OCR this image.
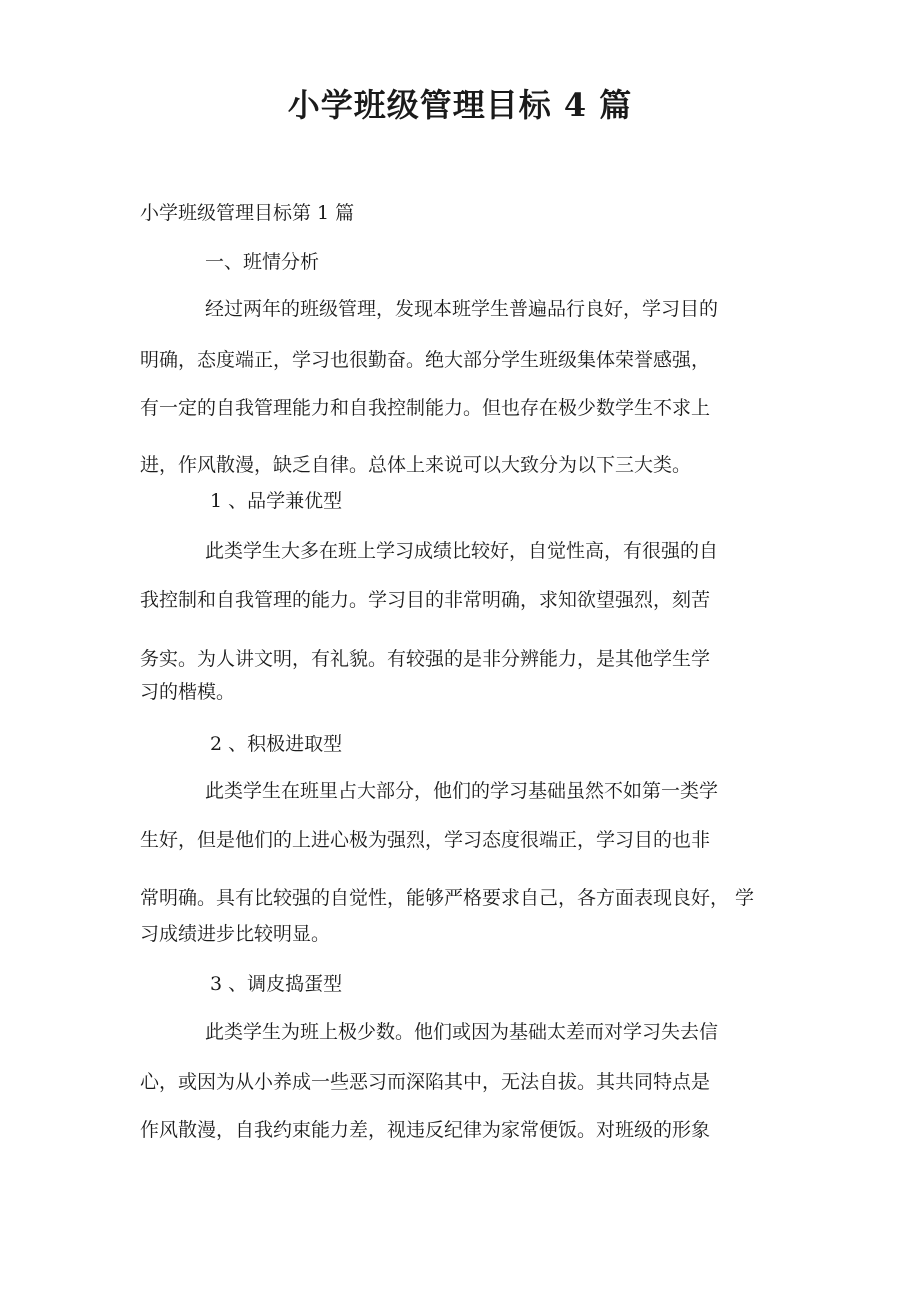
小学班级管理目标 4 篇

小学班级管理目标第 1 篇

一、班情分析

经过两年的班级管理，发现本班学生普遍品行良好，学习目的

明确，态度端正，学习也很勤奋。绝大部分学生班级集体荣誉感强，

有一定的自我管理能力和自我控制能力。但也存在极少数学生不求上

进，作风散漫，缺乏自律。总体上来说可以大致分为以下三大类。

1 、品学兼优型

此类学生大多在班上学习成绩比较好，自觉性高，有很强的自

我控制和自我管理的能力。学习目的非常明确，求知欲望强烈，刻苦

务实。为人讲文明，有礼貌。有较强的是非分辨能力，是其他学生学

习的楷模。

2 、积极进取型

此类学生在班里占大部分，他们的学习基础虽然不如第一类学

生好，但是他们的上进心极为强烈，学习态度很端正，学习目的也非

常明确。具有比较强的自觉性，能够严格要求自己，各方面表现良好， 学

习成绩进步比较明显。

3 、调皮捣蛋型

此类学生为班上极少数。他们或因为基础太差而对学习失去信

心，或因为从小养成一些恶习而深陷其中，无法自拔。其共同特点是

作风散漫，自我约束能力差，视违反纪律为家常便饭。对班级的形象
